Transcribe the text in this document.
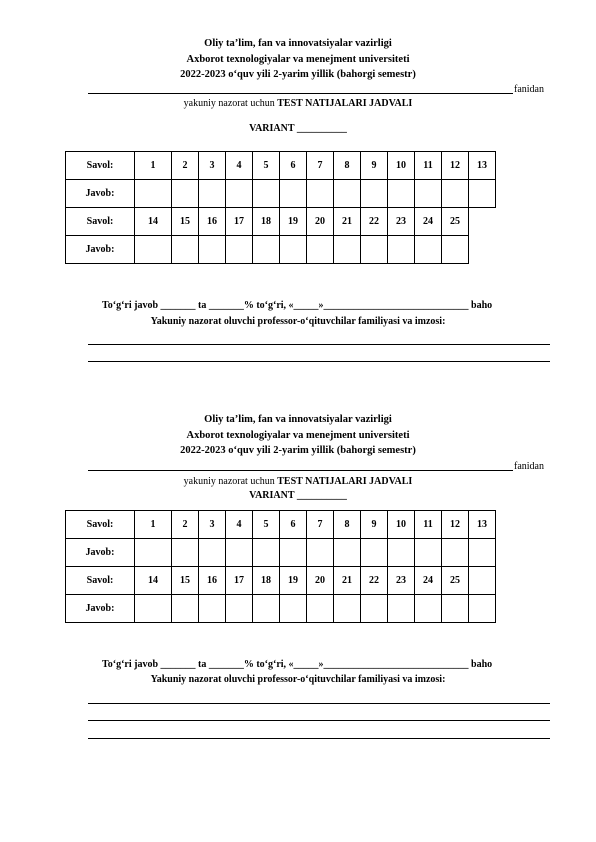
Oliy ta’lim, fan va innovatsiyalar vazirligi
Axborot texnologiyalar va menejment universiteti
2022-2023 o‘quv yili 2-yarim yillik (bahorgi semestr)
fanidan
yakuniy nazorat uchun TEST NATIJALARI JADVALI
VARIANT __________
Savol:	1	2	3	4	5	6	7	8	9	10	11	12	13
Javob:													
Savol:	14	15	16	17	18	19	20	21	22	23	24	25	
Javob:													
To‘g‘ri javob _______ ta _______% to‘g‘ri, «_____»_____________________________ baho
Yakuniy nazorat oluvchi professor-o‘qituvchilar familiyasi va imzosi:
Oliy ta’lim, fan va innovatsiyalar vazirligi
Axborot texnologiyalar va menejment universiteti
2022-2023 o‘quv yili 2-yarim yillik (bahorgi semestr)
fanidan
yakuniy nazorat uchun TEST NATIJALARI JADVALI
VARIANT __________
Savol:	1	2	3	4	5	6	7	8	9	10	11	12	13
Javob:													
Savol:	14	15	16	17	18	19	20	21	22	23	24	25	
Javob:													
To‘g‘ri javob _______ ta _______% to‘g‘ri, «_____»_____________________________ baho
Yakuniy nazorat oluvchi professor-o‘qituvchilar familiyasi va imzosi:
